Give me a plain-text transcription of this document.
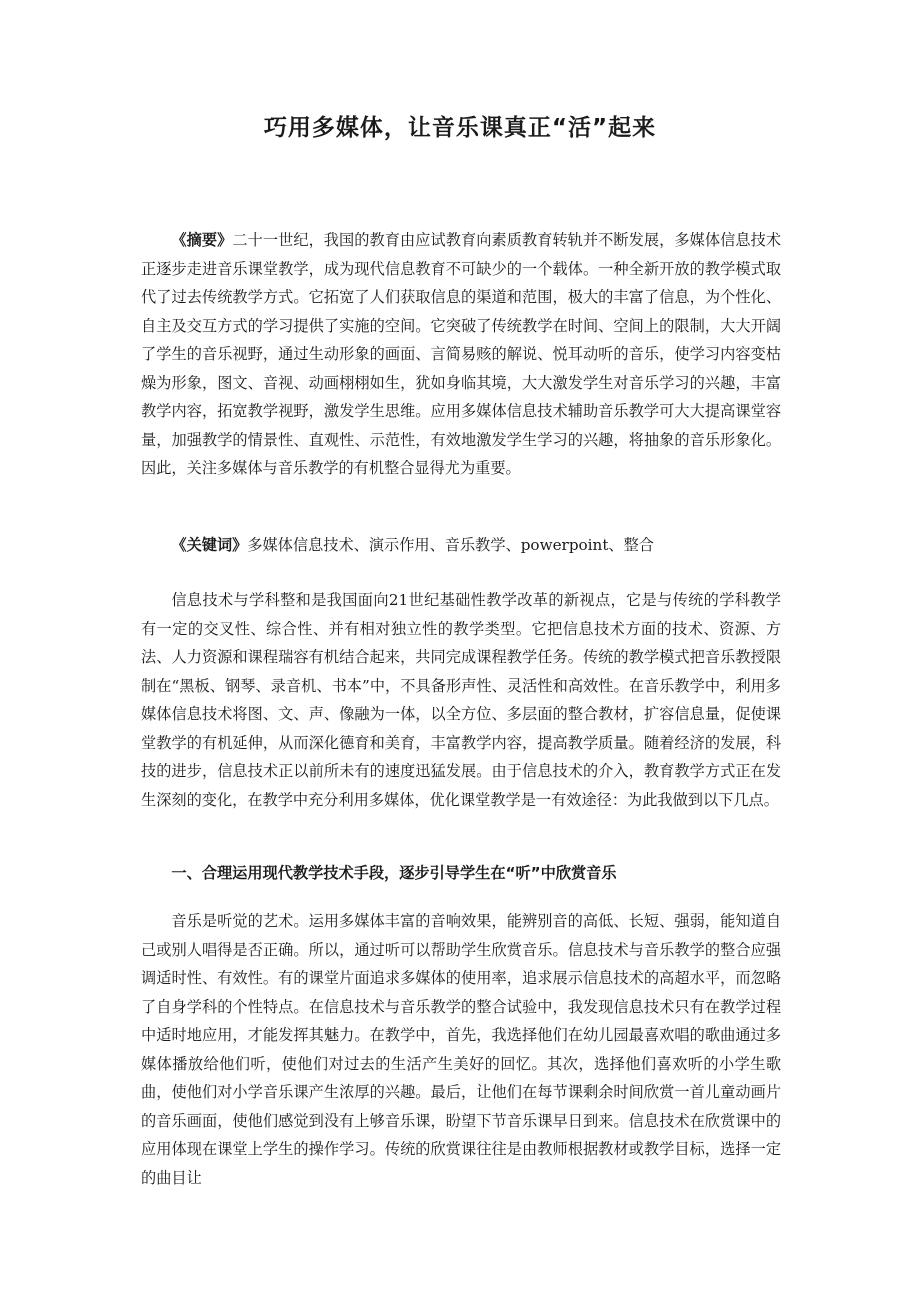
巧用多媒体，让音乐课真正“活”起来

《摘要》二十一世纪，我国的教育由应试教育向素质教育转轨并不断发展，多媒体信息技术正逐步走进音乐课堂教学，成为现代信息教育不可缺少的一个载体。一种全新开放的教学模式取代了过去传统教学方式。它拓宽了人们获取信息的渠道和范围，极大的丰富了信息，为个性化、自主及交互方式的学习提供了实施的空间。它突破了传统教学在时间、空间上的限制，大大开阔了学生的音乐视野，通过生动形象的画面、言简易赅的解说、悦耳动听的音乐，使学习内容变枯燥为形象，图文、音视、动画栩栩如生，犹如身临其境，大大激发学生对音乐学习的兴趣，丰富教学内容，拓宽教学视野，激发学生思维。应用多媒体信息技术辅助音乐教学可大大提高课堂容量，加强教学的情景性、直观性、示范性，有效地激发学生学习的兴趣，将抽象的音乐形象化。因此，关注多媒体与音乐教学的有机整合显得尤为重要。

《关键词》多媒体信息技术、演示作用、音乐教学、powerpoint、整合

信息技术与学科整和是我国面向21世纪基础性教学改革的新视点，它是与传统的学科教学有一定的交叉性、综合性、并有相对独立性的教学类型。它把信息技术方面的技术、资源、方法、人力资源和课程瑞容有机结合起来，共同完成课程教学任务。传统的教学模式把音乐教授限制在“黑板、钢琴、录音机、书本”中，不具备形声性、灵活性和高效性。在音乐教学中，利用多媒体信息技术将图、文、声、像融为一体，以全方位、多层面的整合教材，扩容信息量，促使课堂教学的有机延伸，从而深化德育和美育，丰富教学内容，提高教学质量。随着经济的发展，科技的进步，信息技术正以前所未有的速度迅猛发展。由于信息技术的介入，教育教学方式正在发生深刻的变化，在教学中充分利用多媒体，优化课堂教学是一有效途径：为此我做到以下几点。

一、合理运用现代教学技术手段，逐步引导学生在“听”中欣赏音乐

音乐是听觉的艺术。运用多媒体丰富的音响效果，能辨别音的高低、长短、强弱，能知道自己或别人唱得是否正确。所以，通过听可以帮助学生欣赏音乐。信息技术与音乐教学的整合应强调适时性、有效性。有的课堂片面追求多媒体的使用率，追求展示信息技术的高超水平，而忽略了自身学科的个性特点。在信息技术与音乐教学的整合试验中，我发现信息技术只有在教学过程中适时地应用，才能发挥其魅力。在教学中，首先，我选择他们在幼儿园最喜欢唱的歌曲通过多媒体播放给他们听，使他们对过去的生活产生美好的回忆。其次，选择他们喜欢听的小学生歌曲，使他们对小学音乐课产生浓厚的兴趣。最后，让他们在每节课剩余时间欣赏一首儿童动画片的音乐画面，使他们感觉到没有上够音乐课，盼望下节音乐课早日到来。信息技术在欣赏课中的应用体现在课堂上学生的操作学习。传统的欣赏课往往是由教师根据教材或教学目标，选择一定的曲目让
